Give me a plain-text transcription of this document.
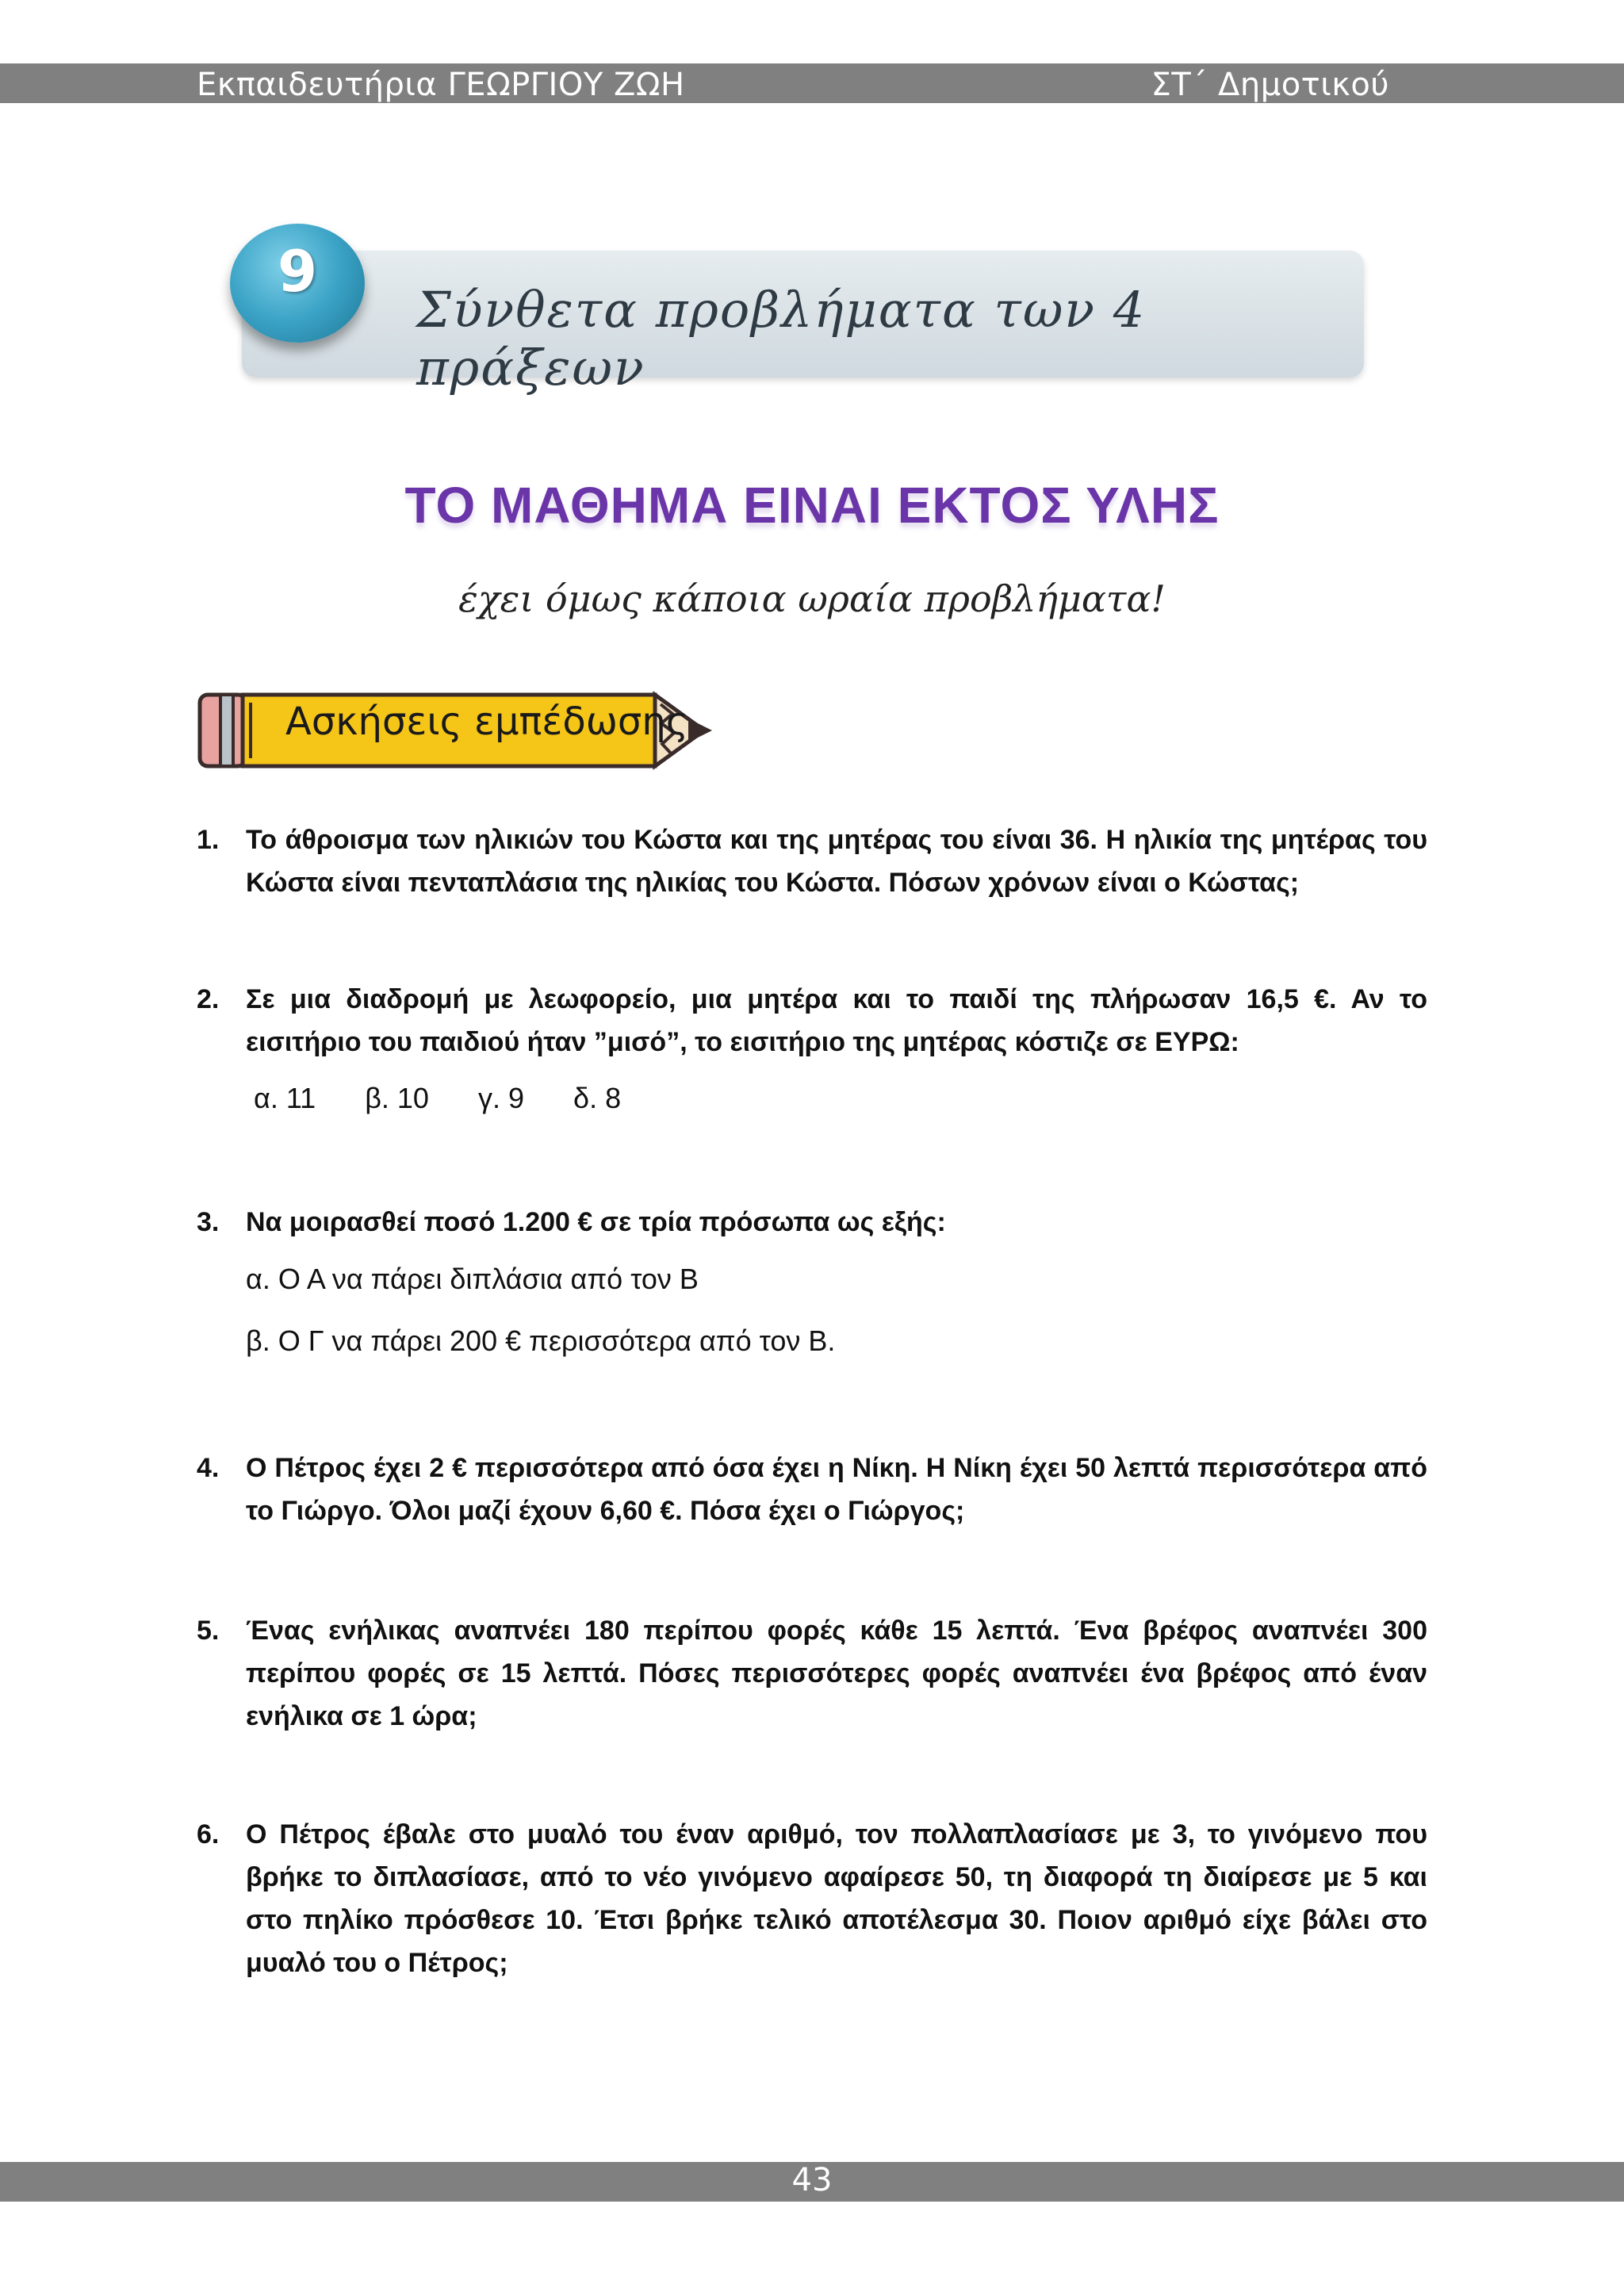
Εκπαιδευτήρια ΓΕΩΡΓΙΟΥ ΖΩΗ	ΣΤ΄ Δημοτικού
Σύνθετα προβλήματα των 4 πράξεων
9
ΤΟ ΜΑΘΗΜΑ ΕΙΝΑΙ ΕΚΤΟΣ ΥΛΗΣ
έχει όμως κάποια ωραία προβλήματα!
Ασκήσεις εμπέδωσης
1. Το άθροισμα των ηλικιών του Κώστα και της μητέρας του είναι 36. Η ηλικία της μητέρας του Κώστα είναι πενταπλάσια της ηλικίας του Κώστα. Πόσων χρόνων είναι ο Κώστας;
2. Σε μια διαδρομή με λεωφορείο, μια μητέρα και το παιδί της πλήρωσαν 16,5 €. Αν το εισιτήριο του παιδιού ήταν ”μισό”, το εισιτήριο της μητέρας κόστιζε σε ΕΥΡΩ:
α. 11 β. 10 γ. 9 δ. 8
3. Να μοιρασθεί ποσό 1.200 € σε τρία πρόσωπα ως εξής:
α. Ο Α να πάρει διπλάσια από τον Β
β. Ο Γ να πάρει 200 € περισσότερα από τον Β.
4. Ο Πέτρος έχει 2 € περισσότερα από όσα έχει η Νίκη. Η Νίκη έχει 50 λεπτά περισσότερα από το Γιώργο. Όλοι μαζί έχουν 6,60 €. Πόσα έχει ο Γιώργος;
5. Ένας ενήλικας αναπνέει 180 περίπου φορές κάθε 15 λεπτά. Ένα βρέφος αναπνέει 300 περίπου φορές σε 15 λεπτά. Πόσες περισσότερες φορές αναπνέει ένα βρέφος από έναν ενήλικα σε 1 ώρα;
6. Ο Πέτρος έβαλε στο μυαλό του έναν αριθμό, τον πολλαπλασίασε με 3, το γινόμενο που βρήκε το διπλασίασε, από το νέο γινόμενο αφαίρεσε 50, τη διαφορά τη διαίρεσε με 5 και στο πηλίκο πρόσθεσε 10. Έτσι βρήκε τελικό αποτέλεσμα 30. Ποιον αριθμό είχε βάλει στο μυαλό του ο Πέτρος;
43
